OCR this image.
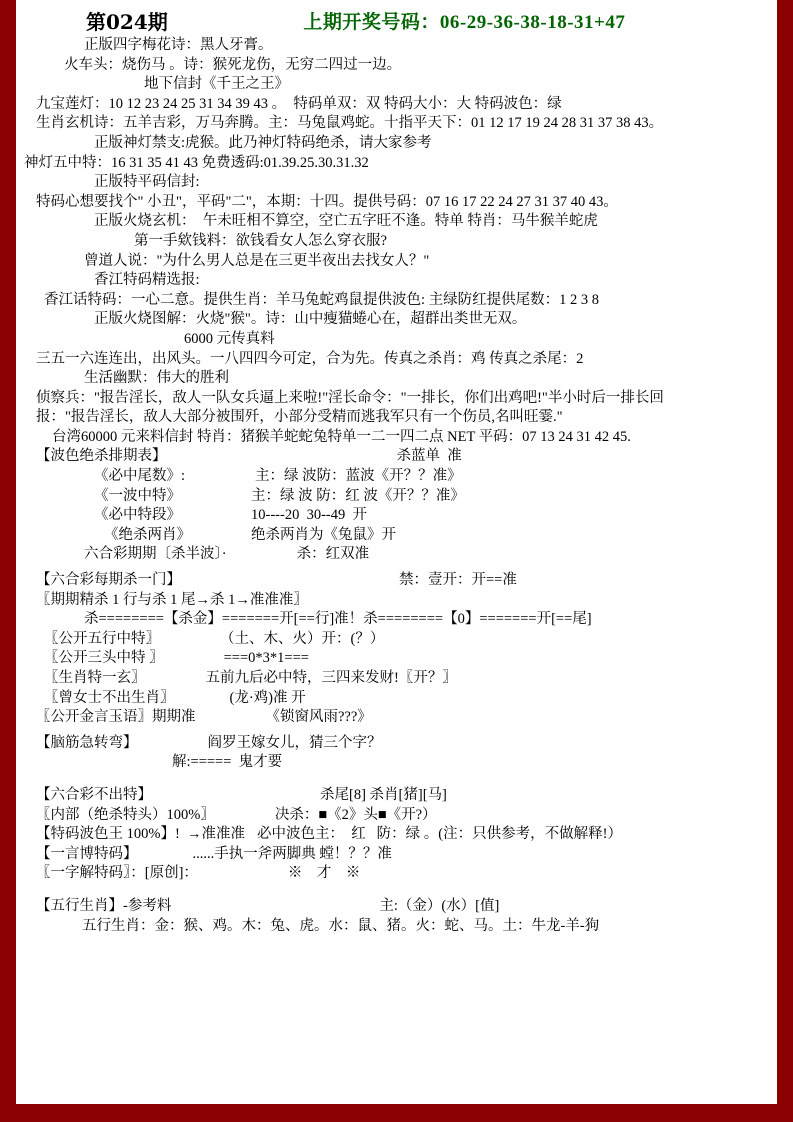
第024期	上期开奖号码：06-29-36-38-18-31+47
正版四字梅花诗：黑人牙膏。
火车头：烧伤马 。诗：猴死龙伤，无穷二四过一边。
地下信封《千王之王》
九宝莲灯：10 12 23 24 25 31 34 39 43 。  特码单双：双 特码大小：大 特码波色：绿
生肖玄机诗：五羊吉彩，万马奔腾。主：马兔鼠鸡蛇。十指平天下：01 12 17 19 24 28 31 37 38 43。
正版神灯禁支:虎猴。此乃神灯特码绝杀，请大家参考
神灯五中特：16 31 35 41 43 免费透码:01.39.25.30.31.32
正版特平码信封:
特码心想要找个" 小丑"，平码"二"，本期：十四。提供号码：07 16 17 22 24 27 31 37 40 43。
正版火烧玄机：  午未旺相不算空，空亡五字旺不逢。特单 特肖：马牛猴羊蛇虎
第一手欸钱料：欲钱看女人怎么穿衣服?
曾道人说："为什么男人总是在三更半夜出去找女人？"
香江特码精选报:
香江话特码：一心二意。提供生肖：羊马兔蛇鸡鼠提供波色: 主绿防红提供尾数：1 2 3 8
正版火烧图解：火烧"猴"。诗：山中瘦猫蜷心在，超群出类世无双。
6000 元传真料
三五一六连连出，出风头。一八四四今可定，合为先。传真之杀肖：鸡 传真之杀尾：2
生活幽默：伟大的胜利
侦察兵："报告淫长，敌人一队女兵逼上来啦!"淫长命令："一排长，你们出鸡吧!"半小时后一排长回
报："报告淫长，敌人大部分被围歼，小部分受精而逃我军只有一个伤员,名叫旺霎."
台湾60000 元来料信封 特肖：猪猴羊蛇蛇兔特单一二一四二点 NET 平码：07 13 24 31 42 45.
【波色绝杀排期表】	杀蓝单  准
《必中尾数》:	主：绿 波防：蓝波《开？？准》
《一波中特》	主：绿 波 防：红 波《开？？准》
《必中特段》	10----20  30--49  开
《绝杀两肖》	绝杀两肖为《兔鼠》开
六合彩期期〔杀半波〕·	杀：红双准
【六合彩每期杀一门】	禁：壹开：开==准
〖期期精杀 1 行与杀 1 尾→杀 1→准准准〗
杀========【杀金】=======开[==行]准！杀========【0】=======开[==尾]
〖公开五行中特〗	（土、木、火）开：(？）
〖公开三头中特 〗	===0*3*1===
〖生肖特一玄〗	五前九后必中特，三四来发财!〖开？〗
〖曾女士不出生肖〗	(龙·鸡)准 开
〖公开金言玉语〗期期准	《锁窗风雨???》
【脑筋急转弯】	阎罗王嫁女儿，猜三个字？
解:=====  鬼才要
【六合彩不出特】	杀尾[8] 杀肖[猪][马]
〖内部（绝杀特头）100%〗	决杀：■《2》头■《开?）
【特码波色王 100%】!  →准准准 必中波色主：  红   防：绿 。(注：只供参考，不做解释!）
【一言博特码】	......手执一斧两脚典 螳！？？准
〖一字解特码〗：[原创]：	※    才    ※
【五行生肖】-参考料	主:（金）(水）[值]
五行生肖：金：猴、鸡。木：兔、虎。水：鼠、猪。火：蛇、马。土：牛龙-羊-狗
